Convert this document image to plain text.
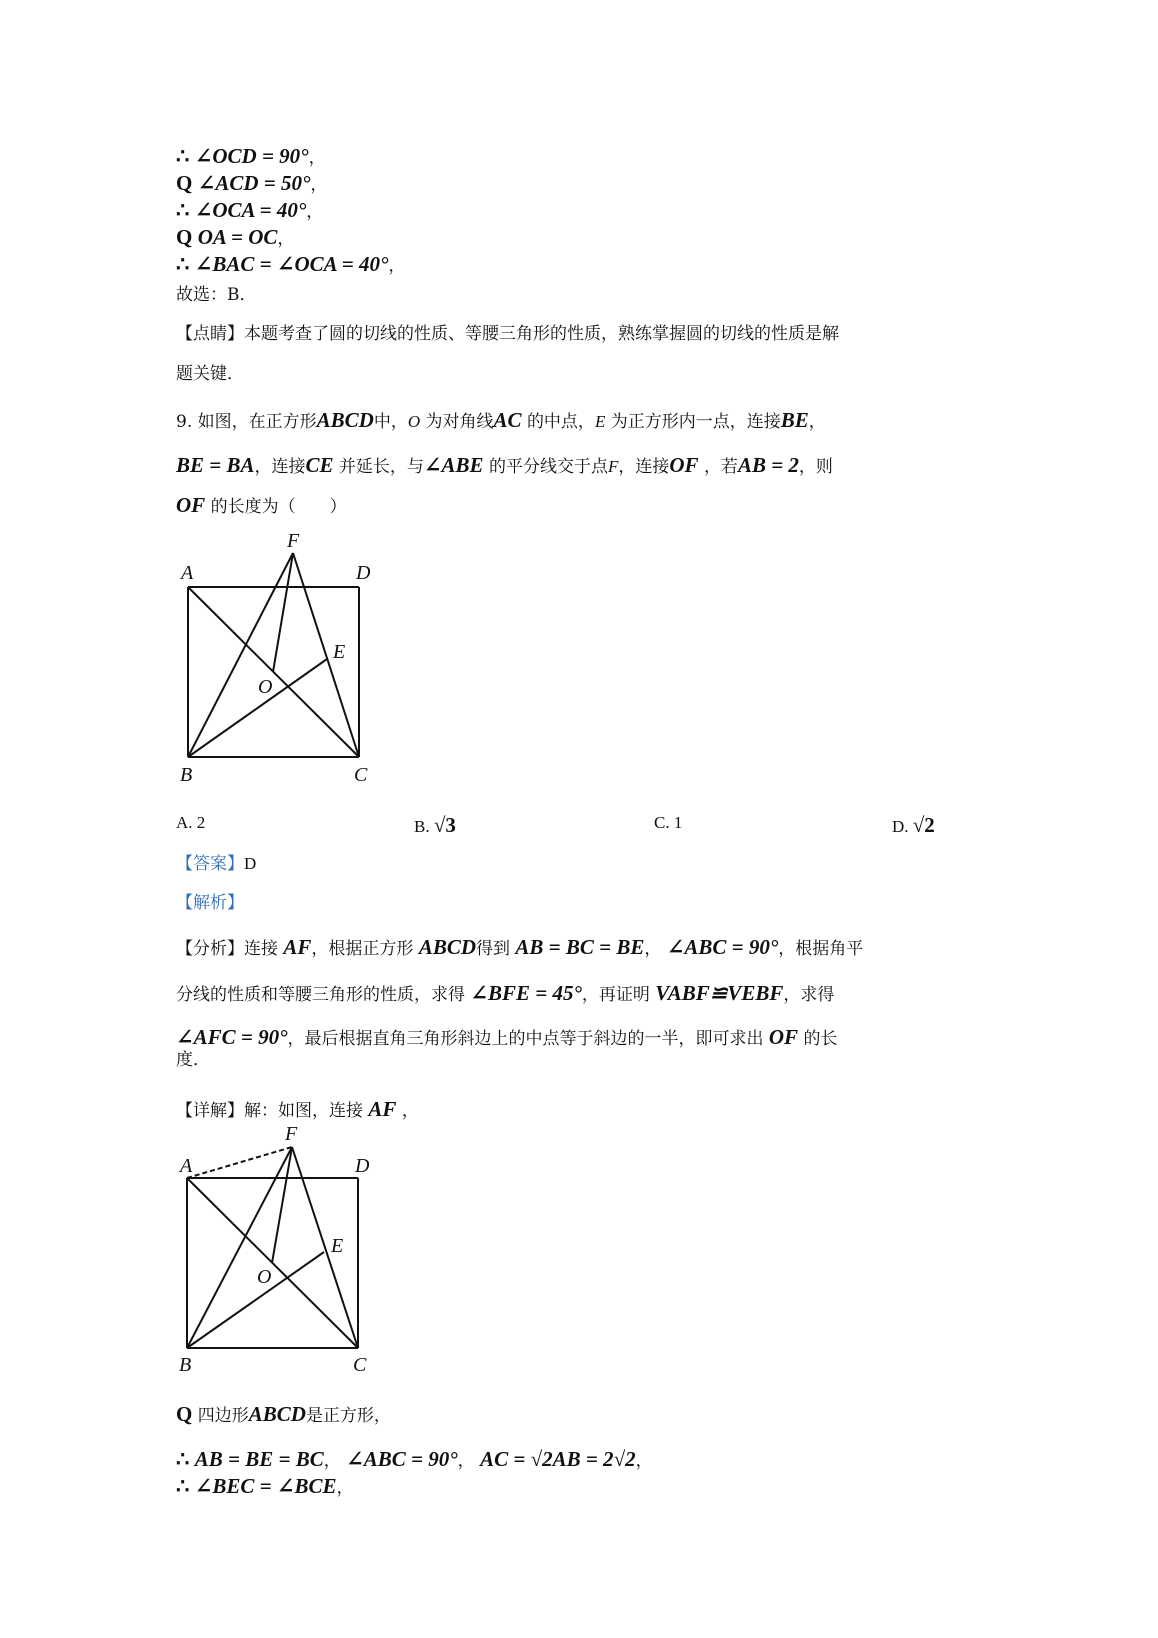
∴ ∠OCD = 90°，
Q ∠ACD = 50°，
∴ ∠OCA = 40°，
Q OA = OC，
∴ ∠BAC = ∠OCA = 40°，
故选：B．
【点睛】本题考查了圆的切线的性质、等腰三角形的性质，熟练掌握圆的切线的性质是解
题关键．
9. 如图，在正方形ABCD中，O 为对角线AC 的中点，E 为正方形内一点，连接BE，
BE = BA，连接CE 并延长，与∠ABE 的平分线交于点F，连接OF ，若AB = 2，则
OF 的长度为（　　）
F
A	D
E
O
B	C
F
A	D
E
O
B	C
A. 2	B. √3	C. 1	D. √2
【答案】D
【解析】
【分析】连接 AF，根据正方形 ABCD得到 AB = BC = BE， ∠ABC = 90°，根据角平
分线的性质和等腰三角形的性质，求得 ∠BFE = 45°，再证明 VABF≌VEBF，求得
∠AFC = 90°，最后根据直角三角形斜边上的中点等于斜边的一半，即可求出 OF 的长
度．
【详解】解：如图，连接 AF ，
Q 四边形ABCD是正方形，
∴ AB = BE = BC， ∠ABC = 90°， AC = √2AB = 2√2，
∴ ∠BEC = ∠BCE，
